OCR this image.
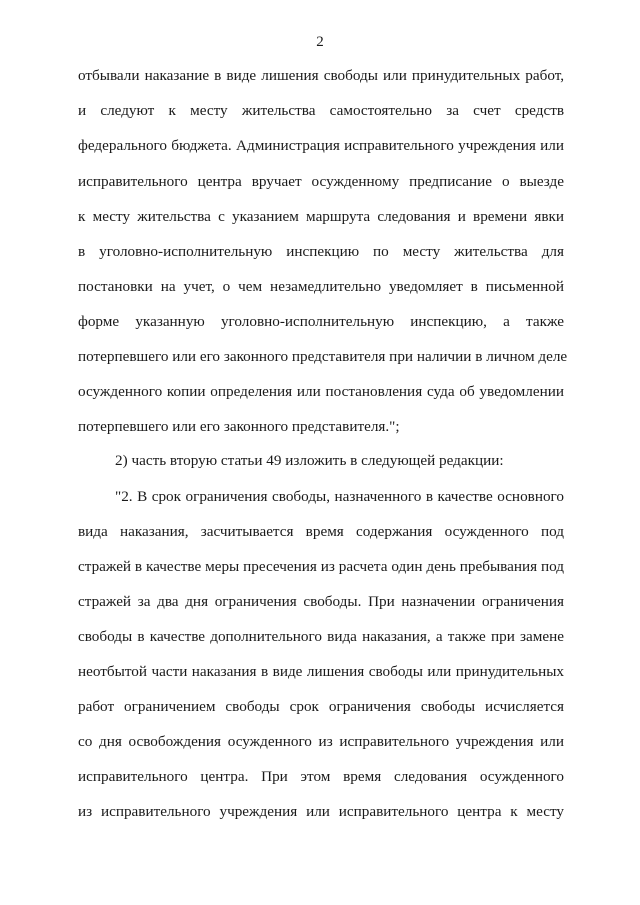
2
отбывали наказание в виде лишения свободы или принудительных работ,
и следуют к месту жительства самостоятельно за счет средств
федерального бюджета. Администрация исправительного учреждения или
исправительного центра вручает осужденному предписание о выезде
к месту жительства с указанием маршрута следования и времени явки
в уголовно-исполнительную инспекцию по месту жительства для
постановки на учет, о чем незамедлительно уведомляет в письменной
форме указанную уголовно-исполнительную инспекцию, а также
потерпевшего или его законного представителя при наличии в личном деле
осужденного копии определения или постановления суда об уведомлении
потерпевшего или его законного представителя.";
2) часть вторую статьи 49 изложить в следующей редакции:
"2. В срок ограничения свободы, назначенного в качестве основного
вида наказания, засчитывается время содержания осужденного под
стражей в качестве меры пресечения из расчета один день пребывания под
стражей за два дня ограничения свободы. При назначении ограничения
свободы в качестве дополнительного вида наказания, а также при замене
неотбытой части наказания в виде лишения свободы или принудительных
работ ограничением свободы срок ограничения свободы исчисляется
со дня освобождения осужденного из исправительного учреждения или
исправительного центра. При этом время следования осужденного
из исправительного учреждения или исправительного центра к месту
